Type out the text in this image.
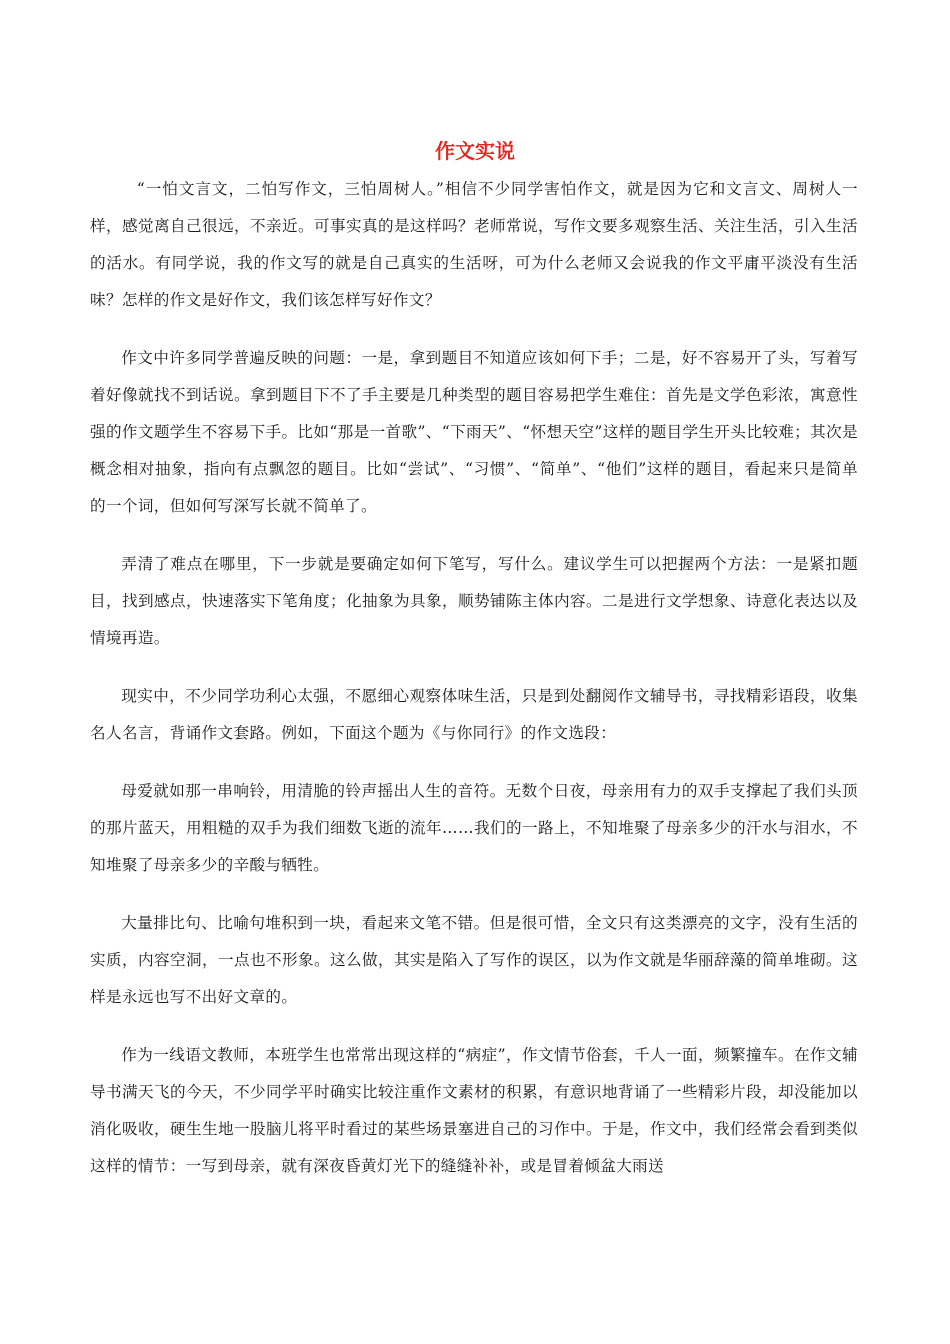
作文实说

“一怕文言文，二怕写作文，三怕周树人。”相信不少同学害怕作文，就是因为它和文言文、周树人一样，感觉离自己很远，不亲近。可事实真的是这样吗？老师常说，写作文要多观察生活、关注生活，引入生活的活水。有同学说，我的作文写的就是自己真实的生活呀，可为什么老师又会说我的作文平庸平淡没有生活味？怎样的作文是好作文，我们该怎样写好作文？

作文中许多同学普遍反映的问题：一是，拿到题目不知道应该如何下手；二是，好不容易开了头，写着写着好像就找不到话说。拿到题目下不了手主要是几种类型的题目容易把学生难住：首先是文学色彩浓，寓意性强的作文题学生不容易下手。比如“那是一首歌”、“下雨天”、“怀想天空”这样的题目学生开头比较难；其次是概念相对抽象，指向有点飘忽的题目。比如“尝试”、“习惯”、“简单”、“他们”这样的题目，看起来只是简单的一个词，但如何写深写长就不简单了。

弄清了难点在哪里，下一步就是要确定如何下笔写，写什么。建议学生可以把握两个方法：一是紧扣题目，找到感点，快速落实下笔角度；化抽象为具象，顺势铺陈主体内容。二是进行文学想象、诗意化表达以及情境再造。

现实中，不少同学功利心太强，不愿细心观察体味生活，只是到处翻阅作文辅导书，寻找精彩语段，收集名人名言，背诵作文套路。例如，下面这个题为《与你同行》的作文选段：

母爱就如那一串响铃，用清脆的铃声摇出人生的音符。无数个日夜，母亲用有力的双手支撑起了我们头顶的那片蓝天，用粗糙的双手为我们细数飞逝的流年……我们的一路上，不知堆聚了母亲多少的汗水与泪水，不知堆聚了母亲多少的辛酸与牺牲。

大量排比句、比喻句堆积到一块，看起来文笔不错。但是很可惜，全文只有这类漂亮的文字，没有生活的实质，内容空洞，一点也不形象。这么做，其实是陷入了写作的误区，以为作文就是华丽辞藻的简单堆砌。这样是永远也写不出好文章的。

作为一线语文教师，本班学生也常常出现这样的“病症”，作文情节俗套，千人一面，频繁撞车。在作文辅导书满天飞的今天，不少同学平时确实比较注重作文素材的积累，有意识地背诵了一些精彩片段，却没能加以消化吸收，硬生生地一股脑儿将平时看过的某些场景塞进自己的习作中。于是，作文中，我们经常会看到类似这样的情节：一写到母亲，就有深夜昏黄灯光下的缝缝补补，或是冒着倾盆大雨送
